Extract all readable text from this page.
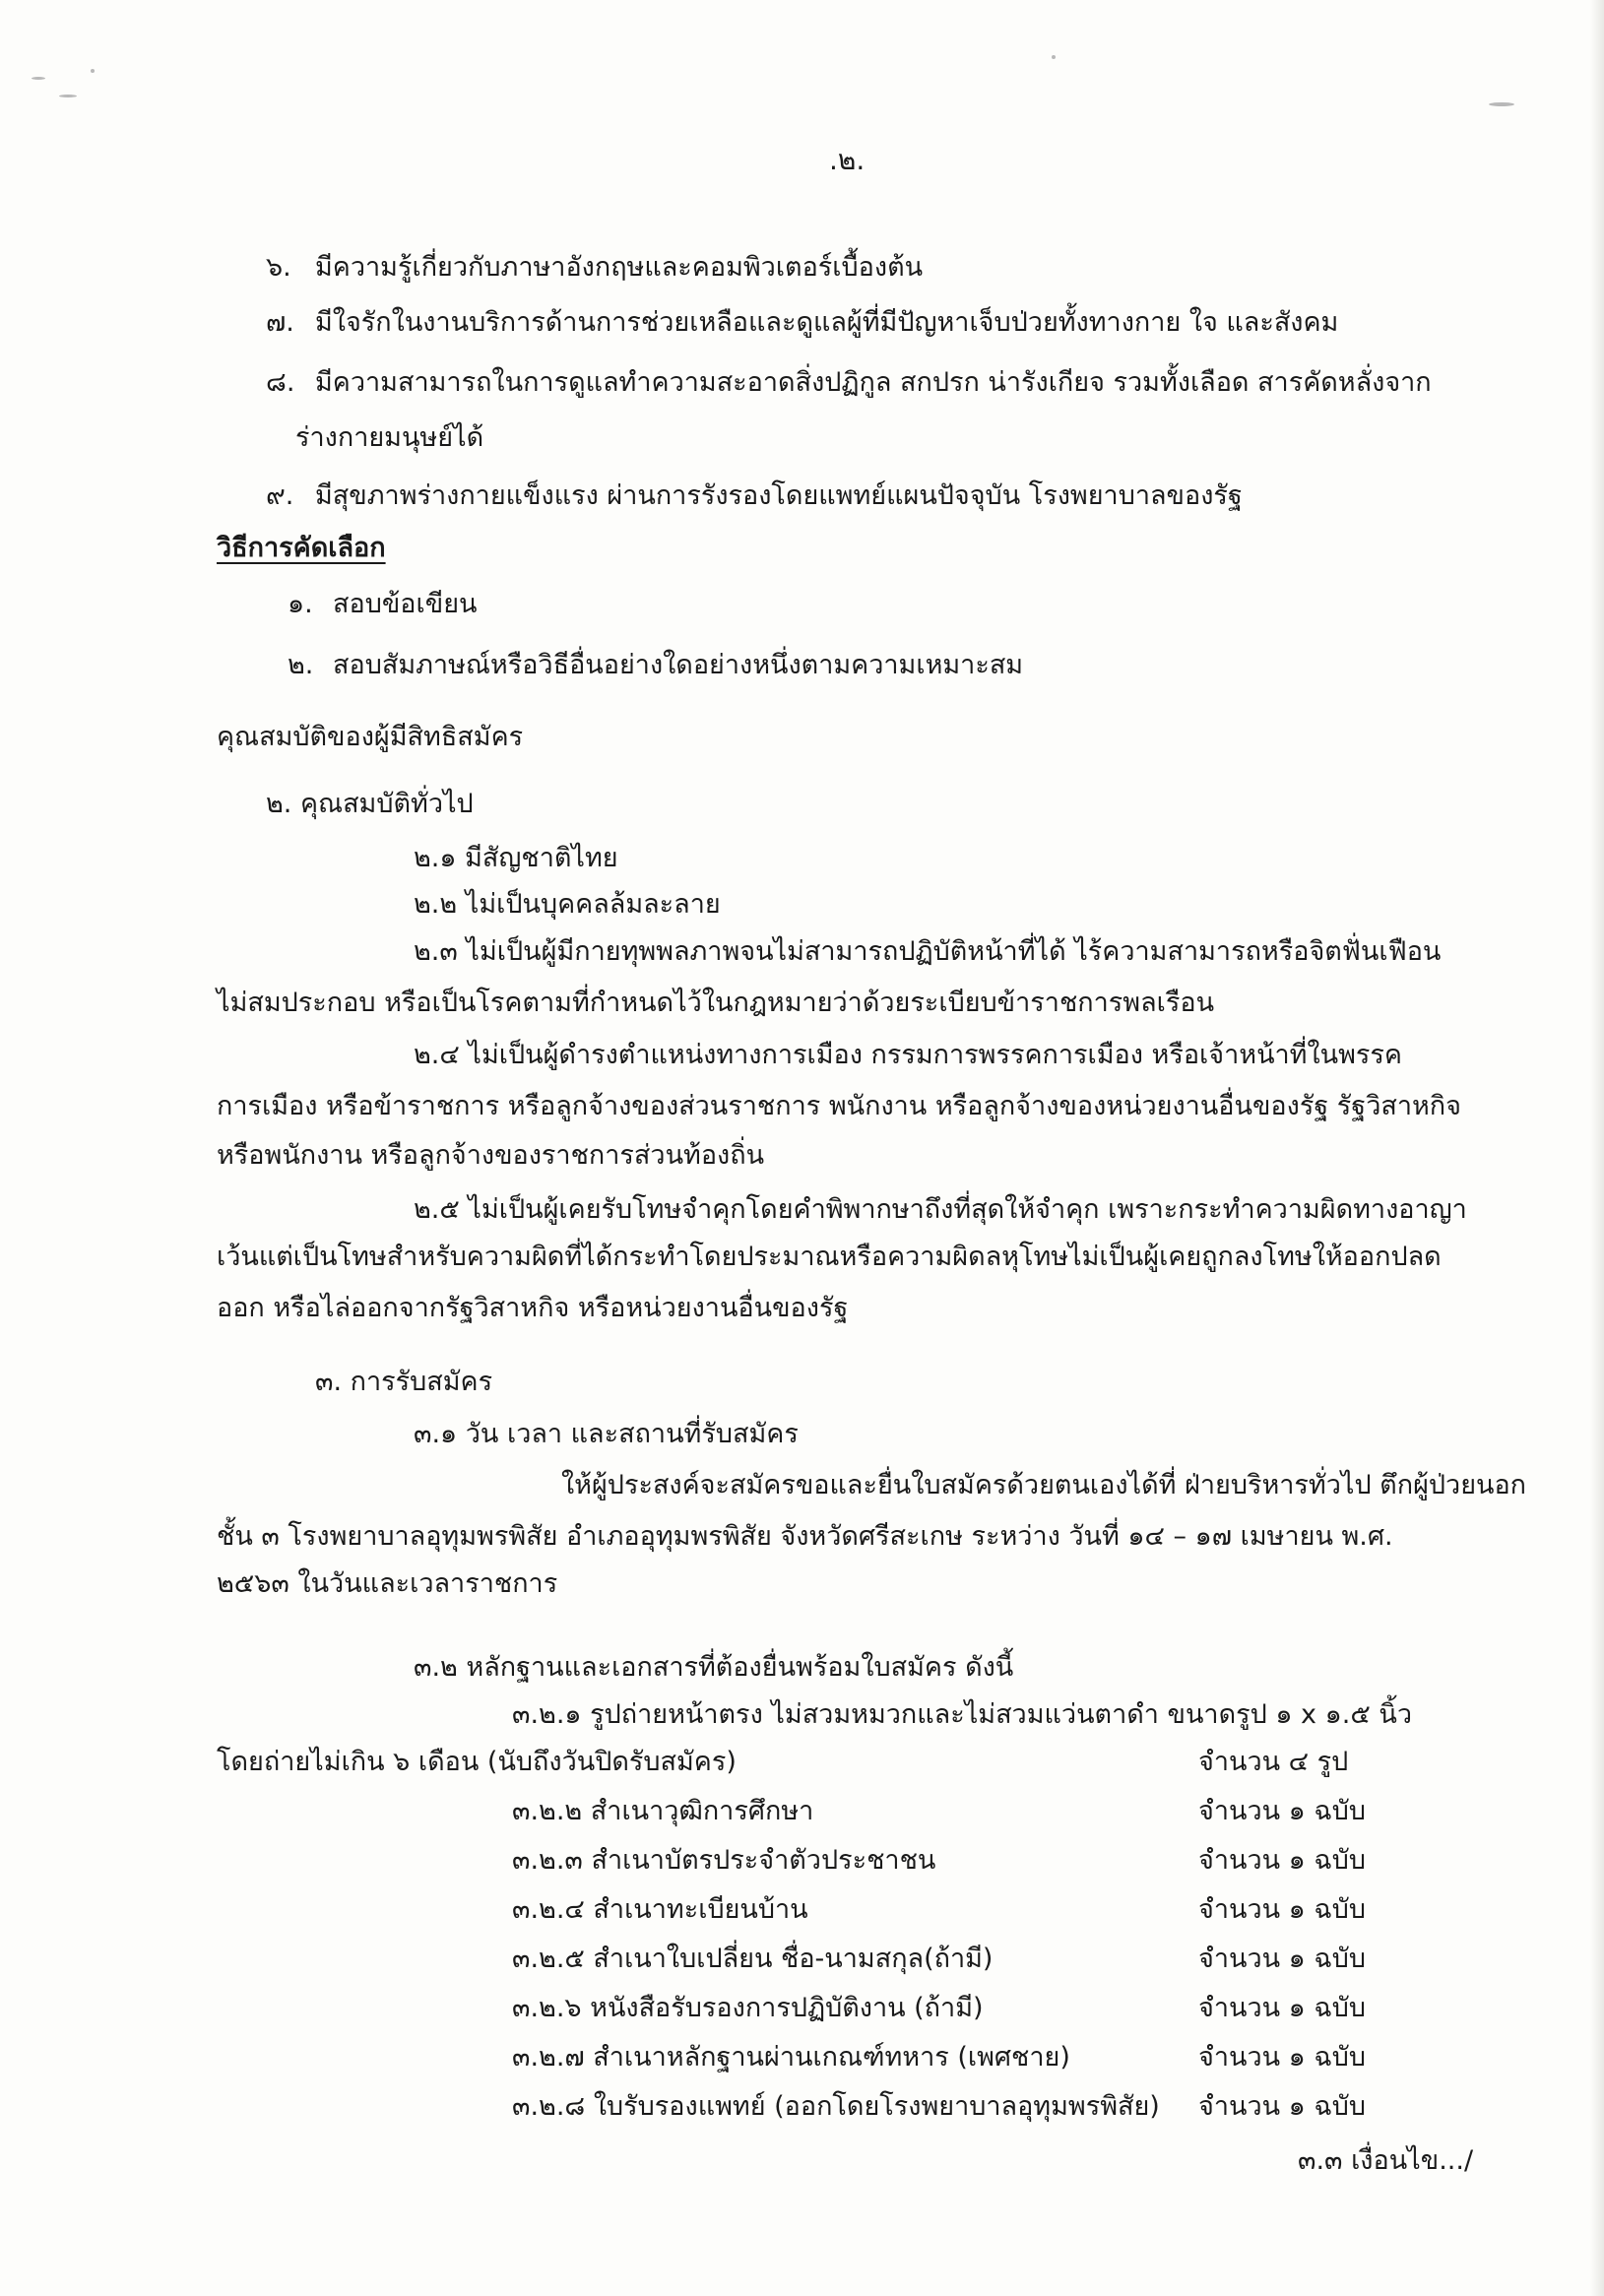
.๒.
๖. มีความรู้เกี่ยวกับภาษาอังกฤษและคอมพิวเตอร์เบื้องต้น
๗. มีใจรักในงานบริการด้านการช่วยเหลือและดูแลผู้ที่มีปัญหาเจ็บป่วยทั้งทางกาย ใจ และสังคม
๘. มีความสามารถในการดูแลทำความสะอาดสิ่งปฏิกูล สกปรก น่ารังเกียจ รวมทั้งเลือด สารคัดหลั่งจาก
ร่างกายมนุษย์ได้
๙. มีสุขภาพร่างกายแข็งแรง ผ่านการรังรองโดยแพทย์แผนปัจจุบัน โรงพยาบาลของรัฐ
วิธีการคัดเลือก
๑. สอบข้อเขียน
๒. สอบสัมภาษณ์หรือวิธีอื่นอย่างใดอย่างหนึ่งตามความเหมาะสม
คุณสมบัติของผู้มีสิทธิสมัคร
๒. คุณสมบัติทั่วไป
๒.๑ มีสัญชาติไทย
๒.๒ ไม่เป็นบุคคลล้มละลาย
๒.๓ ไม่เป็นผู้มีกายทุพพลภาพจนไม่สามารถปฏิบัติหน้าที่ได้ ไร้ความสามารถหรือจิตฟั่นเฟือน
ไม่สมประกอบ หรือเป็นโรคตามที่กำหนดไว้ในกฎหมายว่าด้วยระเบียบข้าราชการพลเรือน
๒.๔ ไม่เป็นผู้ดำรงตำแหน่งทางการเมือง กรรมการพรรคการเมือง หรือเจ้าหน้าที่ในพรรค
การเมือง หรือข้าราชการ หรือลูกจ้างของส่วนราชการ พนักงาน หรือลูกจ้างของหน่วยงานอื่นของรัฐ รัฐวิสาหกิจ
หรือพนักงาน หรือลูกจ้างของราชการส่วนท้องถิ่น
๒.๕ ไม่เป็นผู้เคยรับโทษจำคุกโดยคำพิพากษาถึงที่สุดให้จำคุก เพราะกระทำความผิดทางอาญา
เว้นแต่เป็นโทษสำหรับความผิดที่ได้กระทำโดยประมาณหรือความผิดลหุโทษไม่เป็นผู้เคยถูกลงโทษให้ออกปลด
ออก หรือไล่ออกจากรัฐวิสาหกิจ หรือหน่วยงานอื่นของรัฐ
๓. การรับสมัคร
๓.๑ วัน เวลา และสถานที่รับสมัคร
ให้ผู้ประสงค์จะสมัครขอและยื่นใบสมัครด้วยตนเองได้ที่ ฝ่ายบริหารทั่วไป ตึกผู้ป่วยนอก
ชั้น ๓ โรงพยาบาลอุทุมพรพิสัย อำเภออุทุมพรพิสัย จังหวัดศรีสะเกษ ระหว่าง วันที่ ๑๔ – ๑๗ เมษายน พ.ศ.
๒๕๖๓ ในวันและเวลาราชการ
๓.๒ หลักฐานและเอกสารที่ต้องยื่นพร้อมใบสมัคร ดังนี้
๓.๒.๑ รูปถ่ายหน้าตรง ไม่สวมหมวกและไม่สวมแว่นตาดำ ขนาดรูป ๑ x ๑.๕ นิ้ว
โดยถ่ายไม่เกิน ๖ เดือน (นับถึงวันปิดรับสมัคร)	จำนวน ๔ รูป
๓.๒.๒ สำเนาวุฒิการศึกษา	จำนวน ๑ ฉบับ
๓.๒.๓ สำเนาบัตรประจำตัวประชาชน	จำนวน ๑ ฉบับ
๓.๒.๔ สำเนาทะเบียนบ้าน	จำนวน ๑ ฉบับ
๓.๒.๕ สำเนาใบเปลี่ยน ชื่อ-นามสกุล(ถ้ามี)	จำนวน ๑ ฉบับ
๓.๒.๖ หนังสือรับรองการปฏิบัติงาน (ถ้ามี)	จำนวน ๑ ฉบับ
๓.๒.๗ สำเนาหลักฐานผ่านเกณฑ์ทหาร (เพศชาย)	จำนวน ๑ ฉบับ
๓.๒.๘ ใบรับรองแพทย์ (ออกโดยโรงพยาบาลอุทุมพรพิสัย) จำนวน ๑ ฉบับ
๓.๓ เงื่อนไข.../
